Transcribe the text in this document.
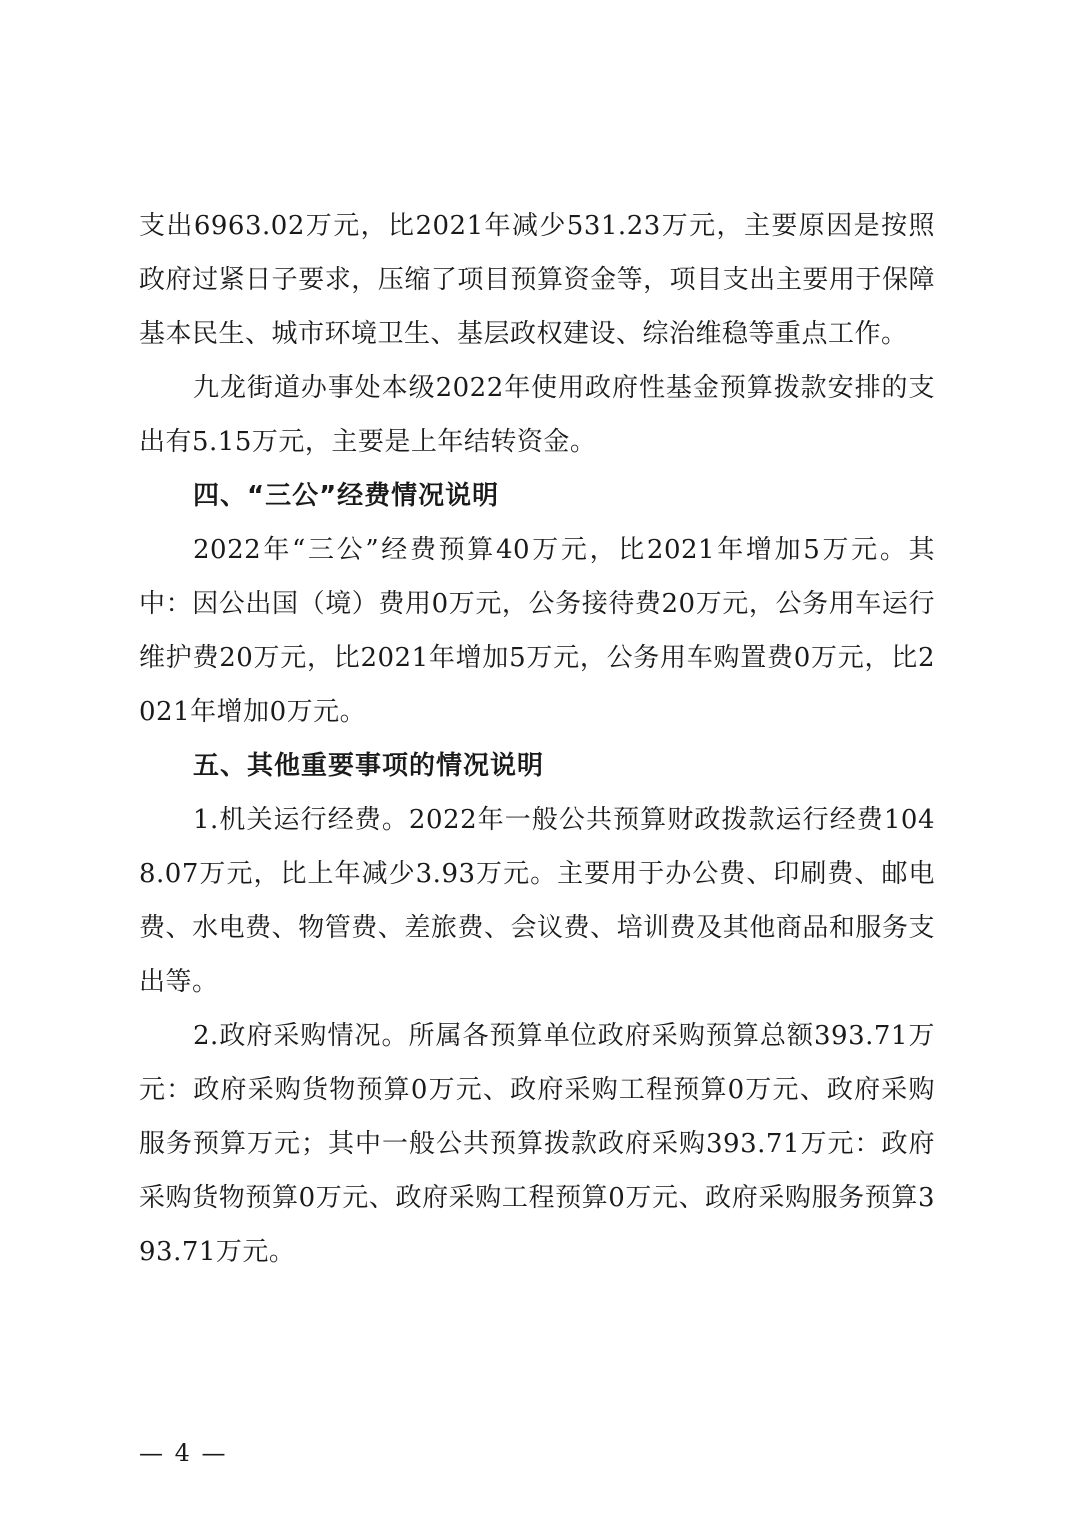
支出6963.02万元，比2021年减少531.23万元，主要原因是按照政府过紧日子要求，压缩了项目预算资金等，项目支出主要用于保障基本民生、城市环境卫生、基层政权建设、综治维稳等重点工作。

九龙街道办事处本级2022年使用政府性基金预算拨款安排的支出有5.15万元，主要是上年结转资金。

四、“三公”经费情况说明

2022年“三公”经费预算40万元，比2021年增加5万元。其中：因公出国（境）费用0万元，公务接待费20万元，公务用车运行维护费20万元，比2021年增加5万元，公务用车购置费0万元，比2021年增加0万元。

五、其他重要事项的情况说明

1.机关运行经费。2022年一般公共预算财政拨款运行经费1048.07万元，比上年减少3.93万元。主要用于办公费、印刷费、邮电费、水电费、物管费、差旅费、会议费、培训费及其他商品和服务支出等。

2.政府采购情况。所属各预算单位政府采购预算总额393.71万元：政府采购货物预算0万元、政府采购工程预算0万元、政府采购服务预算万元；其中一般公共预算拨款政府采购393.71万元：政府采购货物预算0万元、政府采购工程预算0万元、政府采购服务预算393.71万元。

— 4 —
